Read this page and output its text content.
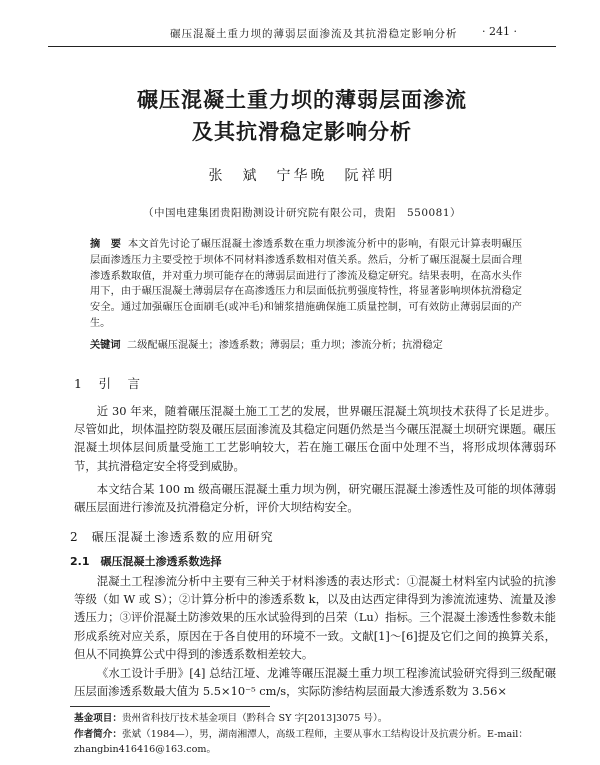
碾压混凝土重力坝的薄弱层面渗流及其抗滑稳定影响分析 · 241 ·
碾压混凝土重力坝的薄弱层面渗流
及其抗滑稳定影响分析
张　斌　宁华晚　阮祥明
（中国电建集团贵阳勘测设计研究院有限公司，贵阳　550081）
摘　要 本文首先讨论了碾压混凝土渗透系数在重力坝渗流分析中的影响，有限元计算表明碾压层面渗透压力主要受控于坝体不同材料渗透系数相对值关系。然后，分析了碾压混凝土层面合理渗透系数取值，并对重力坝可能存在的薄弱层面进行了渗流及稳定研究。结果表明，在高水头作用下，由于碾压混凝土薄弱层存在高渗透压力和层面低抗剪强度特性，将显著影响坝体抗滑稳定安全。通过加强碾压仓面刷毛(或冲毛)和铺浆措施确保施工质量控制，可有效防止薄弱层面的产生。
关键词 二级配碾压混凝土；渗透系数；薄弱层；重力坝；渗流分析；抗滑稳定
1　引　言
近 30 年来，随着碾压混凝土施工工艺的发展，世界碾压混凝土筑坝技术获得了长足进步。尽管如此，坝体温控防裂及碾压层面渗流及其稳定问题仍然是当今碾压混凝土坝研究课题。碾压混凝土坝体层间质量受施工工艺影响较大，若在施工碾压仓面中处理不当，将形成坝体薄弱环节，其抗滑稳定安全将受到威胁。
本文结合某 100 m 级高碾压混凝土重力坝为例，研究碾压混凝土渗透性及可能的坝体薄弱碾压层面进行渗流及抗滑稳定分析，评价大坝结构安全。
2　碾压混凝土渗透系数的应用研究
2.1　碾压混凝土渗透系数选择
混凝土工程渗流分析中主要有三种关于材料渗透的表达形式：①混凝土材料室内试验的抗渗等级（如 W 或 S）；②计算分析中的渗透系数 k，以及由达西定律得到为渗流流速势、流量及渗透压力；③评价混凝土防渗效果的压水试验得到的吕荣（Lu）指标。三个混凝土渗透性参数未能形成系统对应关系，原因在于各自使用的环境不一致。文献[1]～[6]提及它们之间的换算关系，但从不同换算公式中得到的渗透系数相差较大。
《水工设计手册》[4] 总结江垭、龙滩等碾压混凝土重力坝工程渗流试验研究得到三级配碾压层面渗透系数最大值为 5.5×10⁻⁵ cm/s，实际防渗结构层面最大渗透系数为 3.56×
基金项目：贵州省科技厅技术基金项目（黔科合 SY 字[2013]3075 号）。
作者简介：张斌（1984—），男，湖南湘潭人，高级工程师，主要从事水工结构设计及抗震分析。E-mail：
zhangbin416416@163.com。
